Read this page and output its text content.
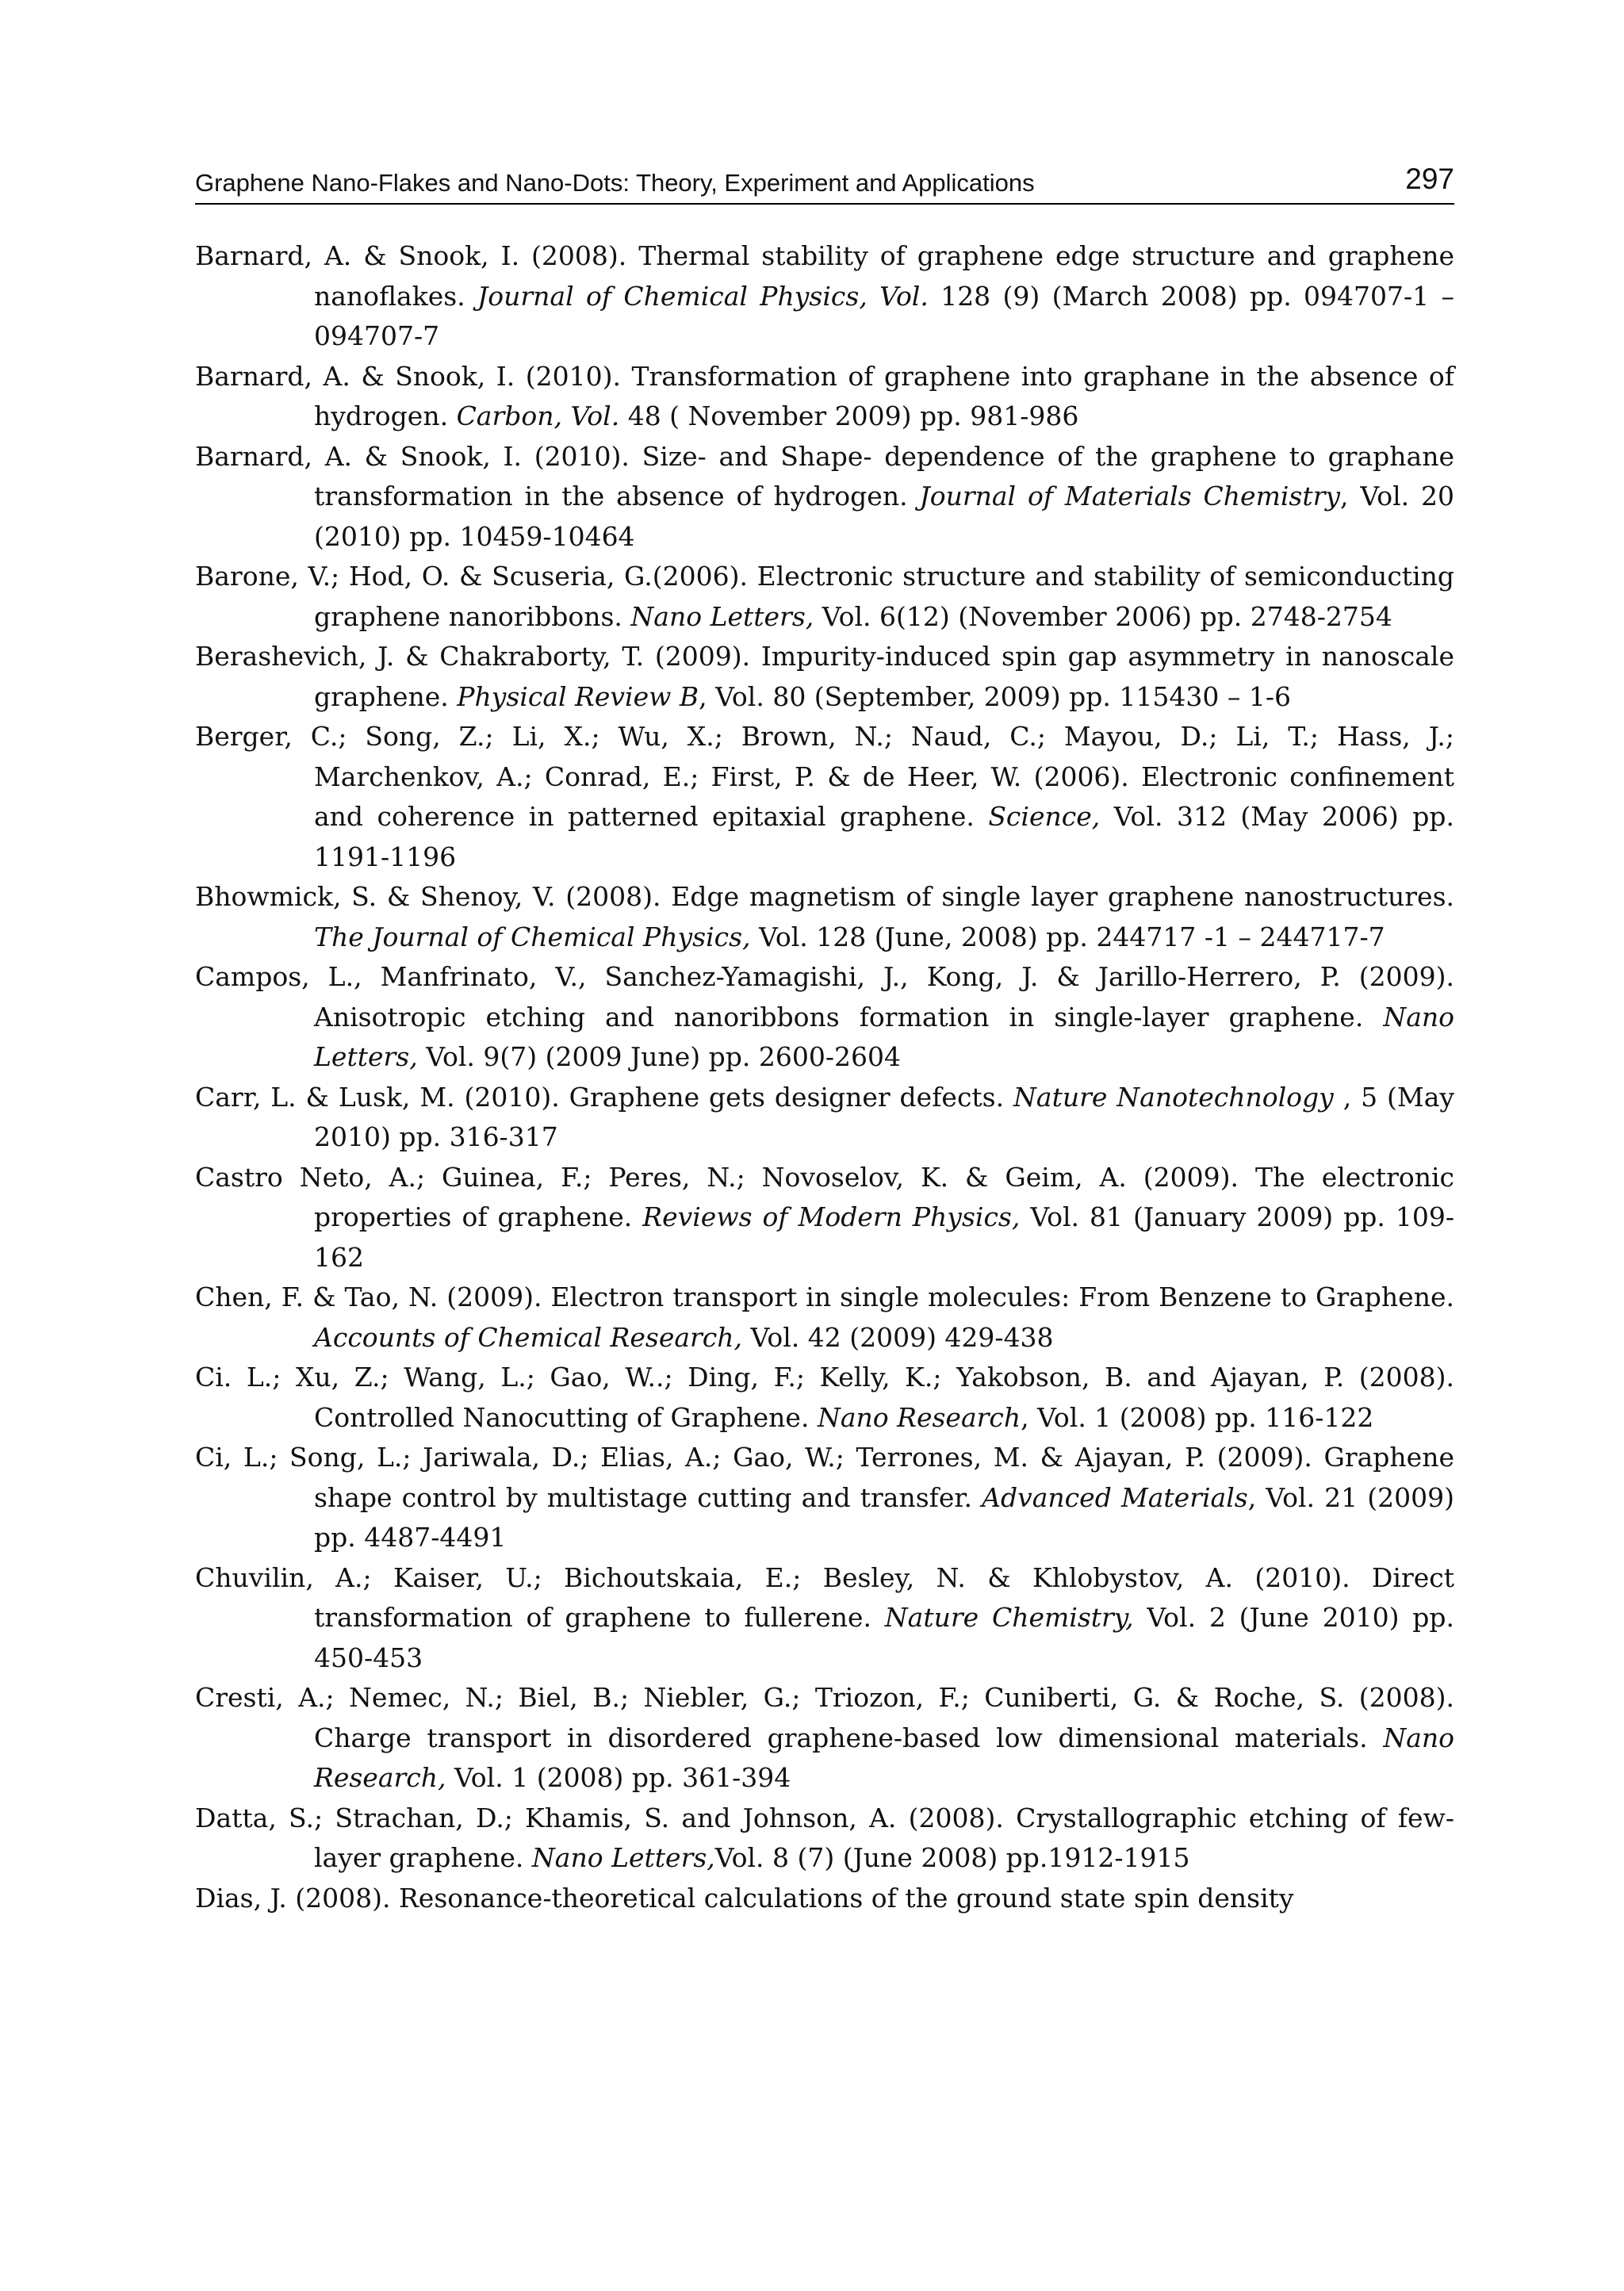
Graphene Nano-Flakes and Nano-Dots: Theory, Experiment and Applications	297
Barnard, A. & Snook, I. (2008). Thermal stability of graphene edge structure and graphene nanoflakes. Journal of Chemical Physics, Vol. 128 (9) (March 2008) pp. 094707-1 – 094707-7
Barnard, A. & Snook, I. (2010). Transformation of graphene into graphane in the absence of hydrogen. Carbon, Vol. 48 ( November 2009) pp. 981-986
Barnard, A. & Snook, I. (2010). Size- and Shape- dependence of the graphene to graphane transformation in the absence of hydrogen. Journal of Materials Chemistry, Vol. 20 (2010) pp. 10459-10464
Barone, V.; Hod, O. & Scuseria, G.(2006). Electronic structure and stability of semiconducting graphene nanoribbons. Nano Letters, Vol. 6(12) (November 2006) pp. 2748-2754
Berashevich, J. & Chakraborty, T. (2009). Impurity-induced spin gap asymmetry in nanoscale graphene. Physical Review B, Vol. 80 (September, 2009) pp. 115430 – 1-6
Berger, C.; Song, Z.; Li, X.; Wu, X.; Brown, N.; Naud, C.; Mayou, D.; Li, T.; Hass, J.; Marchenkov, A.; Conrad, E.; First, P. & de Heer, W. (2006). Electronic confinement and coherence in patterned epitaxial graphene. Science, Vol. 312 (May 2006) pp. 1191-1196
Bhowmick, S. & Shenoy, V. (2008). Edge magnetism of single layer graphene nanostructures. The Journal of Chemical Physics, Vol. 128 (June, 2008) pp. 244717 -1 – 244717-7
Campos, L., Manfrinato, V., Sanchez-Yamagishi, J., Kong, J. & Jarillo-Herrero, P. (2009). Anisotropic etching and nanoribbons formation in single-layer graphene. Nano Letters, Vol. 9(7) (2009 June) pp. 2600-2604
Carr, L. & Lusk, M. (2010). Graphene gets designer defects. Nature Nanotechnology , 5 (May 2010) pp. 316-317
Castro Neto, A.; Guinea, F.; Peres, N.; Novoselov, K. & Geim, A. (2009). The electronic properties of graphene. Reviews of Modern Physics, Vol. 81 (January 2009) pp. 109-162
Chen, F. & Tao, N. (2009). Electron transport in single molecules: From Benzene to Graphene. Accounts of Chemical Research, Vol. 42 (2009) 429-438
Ci. L.; Xu, Z.; Wang, L.; Gao, W..; Ding, F.; Kelly, K.; Yakobson, B. and Ajayan, P. (2008). Controlled Nanocutting of Graphene. Nano Research, Vol. 1 (2008) pp. 116-122
Ci, L.; Song, L.; Jariwala, D.; Elias, A.; Gao, W.; Terrones, M. & Ajayan, P. (2009). Graphene shape control by multistage cutting and transfer. Advanced Materials, Vol. 21 (2009) pp. 4487-4491
Chuvilin, A.; Kaiser, U.; Bichoutskaia, E.; Besley, N. & Khlobystov, A. (2010). Direct transformation of graphene to fullerene. Nature Chemistry, Vol. 2 (June 2010) pp. 450-453
Cresti, A.; Nemec, N.; Biel, B.; Niebler, G.; Triozon, F.; Cuniberti, G. & Roche, S. (2008). Charge transport in disordered graphene-based low dimensional materials. Nano Research, Vol. 1 (2008) pp. 361-394
Datta, S.; Strachan, D.; Khamis, S. and Johnson, A. (2008). Crystallographic etching of few-layer graphene. Nano Letters,Vol. 8 (7) (June 2008) pp.1912-1915
Dias, J. (2008). Resonance-theoretical calculations of the ground state spin density
